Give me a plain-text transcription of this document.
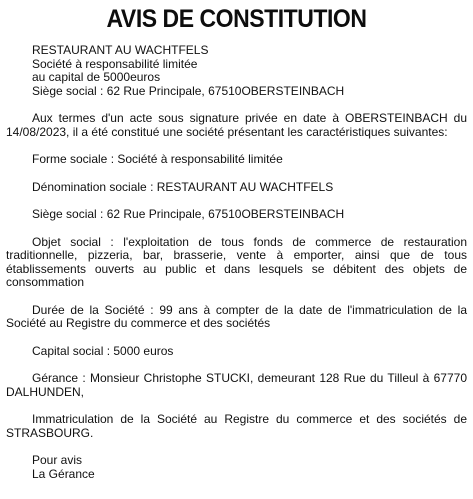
AVIS DE CONSTITUTION
RESTAURANT AU WACHTFELS
Société à responsabilité limitée
au capital de 5000euros
Siège social : 62 Rue Principale, 67510OBERSTEINBACH

Aux termes d'un acte sous signature privée en date à OBERSTEINBACH du 14/08/2023, il a été constitué une société présentant les caractéristiques suivantes:

Forme sociale : Société à responsabilité limitée

Dénomination sociale : RESTAURANT AU WACHTFELS

Siège social : 62 Rue Principale, 67510OBERSTEINBACH

Objet social : l'exploitation de tous fonds de commerce de restauration traditionnelle, pizzeria, bar, brasserie, vente à emporter, ainsi que de tous établissements ouverts au public et dans lesquels se débitent des objets de consommation

Durée de la Société : 99 ans à compter de la date de l'immatriculation de la Société au Registre du commerce et des sociétés

Capital social : 5000 euros

Gérance : Monsieur Christophe STUCKI, demeurant 128 Rue du Tilleul à 67770 DALHUNDEN,

Immatriculation de la Société au Registre du commerce et des sociétés de STRASBOURG.

Pour avis
La Gérance
